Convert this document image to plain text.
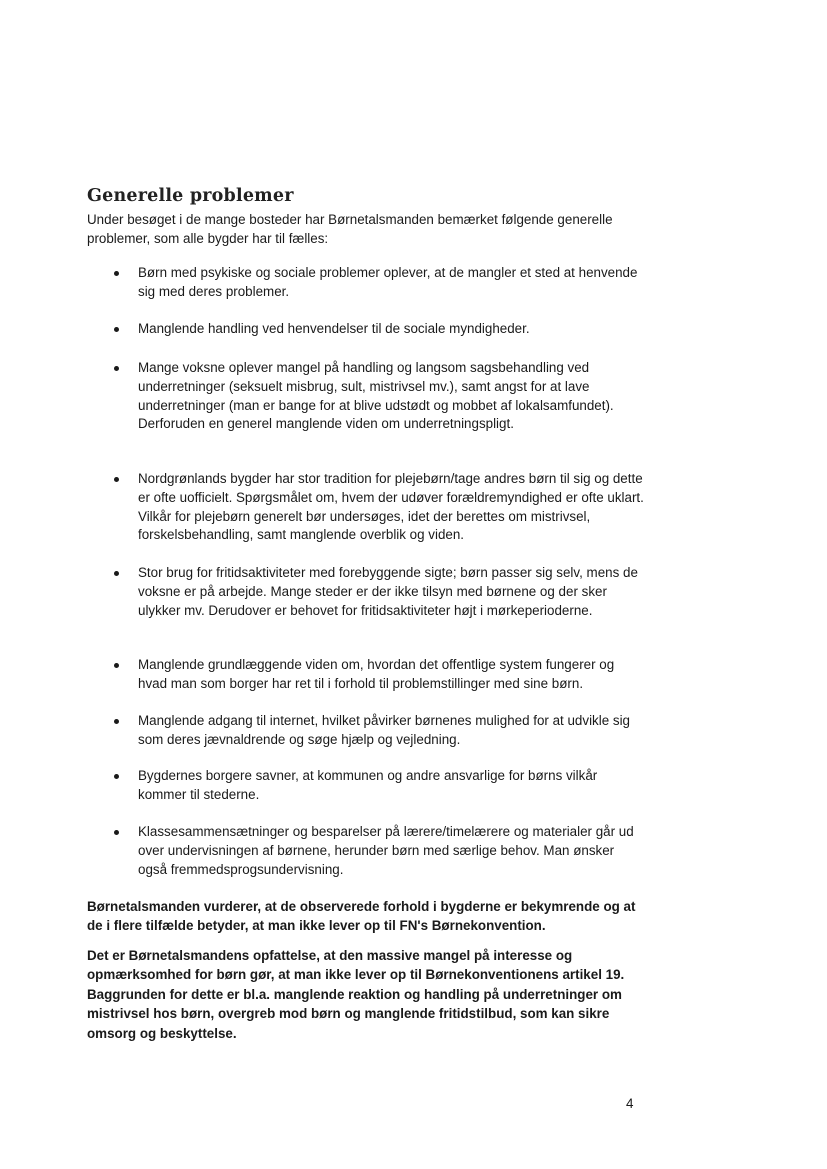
Generelle problemer

Under besøget i de mange bosteder har Børnetalsmanden bemærket følgende generelle problemer, som alle bygder har til fælles:

Børn med psykiske og sociale problemer oplever, at de mangler et sted at henvende sig med deres problemer.
Manglende handling ved henvendelser til de sociale myndigheder.
Mange voksne oplever mangel på handling og langsom sagsbehandling ved underretninger (seksuelt misbrug, sult, mistrivsel mv.), samt angst for at lave underretninger (man er bange for at blive udstødt og mobbet af lokalsamfundet). Derforuden en generel manglende viden om underretningspligt.
Nordgrønlands bygder har stor tradition for plejebørn/tage andres børn til sig og dette er ofte uofficielt. Spørgsmålet om, hvem der udøver forældremyndighed er ofte uklart. Vilkår for plejebørn generelt bør undersøges, idet der berettes om mistrivsel, forskelsbehandling, samt manglende overblik og viden.
Stor brug for fritidsaktiviteter med forebyggende sigte; børn passer sig selv, mens de voksne er på arbejde. Mange steder er der ikke tilsyn med børnene og der sker ulykker mv. Derudover er behovet for fritidsaktiviteter højt i mørkeperioderne.
Manglende grundlæggende viden om, hvordan det offentlige system fungerer og hvad man som borger har ret til i forhold til problemstillinger med sine børn.
Manglende adgang til internet, hvilket påvirker børnenes mulighed for at udvikle sig som deres jævnaldrende og søge hjælp og vejledning.
Bygdernes borgere savner, at kommunen og andre ansvarlige for børns vilkår kommer til stederne.
Klassesammensætninger og besparelser på lærere/timelærere og materialer går ud over undervisningen af børnene, herunder børn med særlige behov. Man ønsker også fremmedsprogsundervisning.

Børnetalsmanden vurderer, at de observerede forhold i bygderne er bekymrende og at de i flere tilfælde betyder, at man ikke lever op til FN's Børnekonvention.

Det er Børnetalsmandens opfattelse, at den massive mangel på interesse og opmærksomhed for børn gør, at man ikke lever op til Børnekonventionens artikel 19. Baggrunden for dette er bl.a. manglende reaktion og handling på underretninger om mistrivsel hos børn, overgreb mod børn og manglende fritidstilbud, som kan sikre omsorg og beskyttelse.

4
